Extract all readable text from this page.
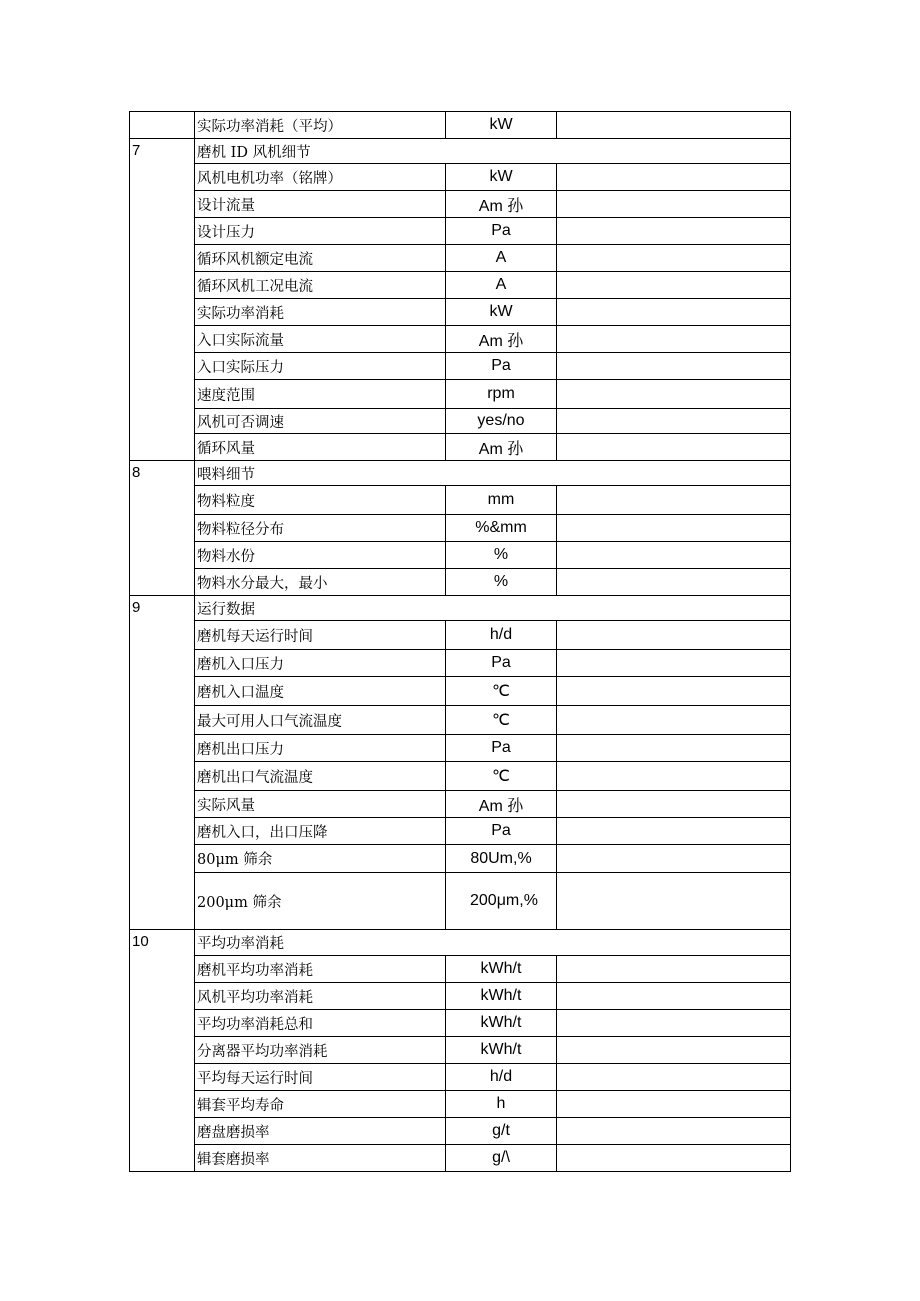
	实际功率消耗（平均）	kW	
7	磨机 ID 风机细节		
	风机电机功率（铭牌）	kW	
	设计流量	Am 孙	
	设计压力	Pa	
	循环风机额定电流	A	
	循环风机工况电流	A	
	实际功率消耗	kW	
	入口实际流量	Am 孙	
	入口实际压力	Pa	
	速度范围	rpm	
	风机可否调速	yes/no	
	循环风量	Am 孙	
8	喂料细节		
	物料粒度	mm	
	物料粒径分布	%&mm	
	物料水份	%	
	物料水分最大，最小	%	
9	运行数据		
	磨机每天运行时间	h/d	
	磨机入口压力	Pa	
	磨机入口温度	℃	
	最大可用人口气流温度	℃	
	磨机出口压力	Pa	
	磨机出口气流温度	℃	
	实际风量	Am 孙	
	磨机入口，出口压降	Pa	
	80μm 筛余	80Um,%	
	200μm 筛余	200μm,%	
10	平均功率消耗		
	磨机平均功率消耗	kWh/t	
	风机平均功率消耗	kWh/t	
	平均功率消耗总和	kWh/t	
	分离器平均功率消耗	kWh/t	
	平均每天运行时间	h/d	
	辑套平均寿命	h	
	磨盘磨损率	g/t	
	辑套磨损率	g/\	
